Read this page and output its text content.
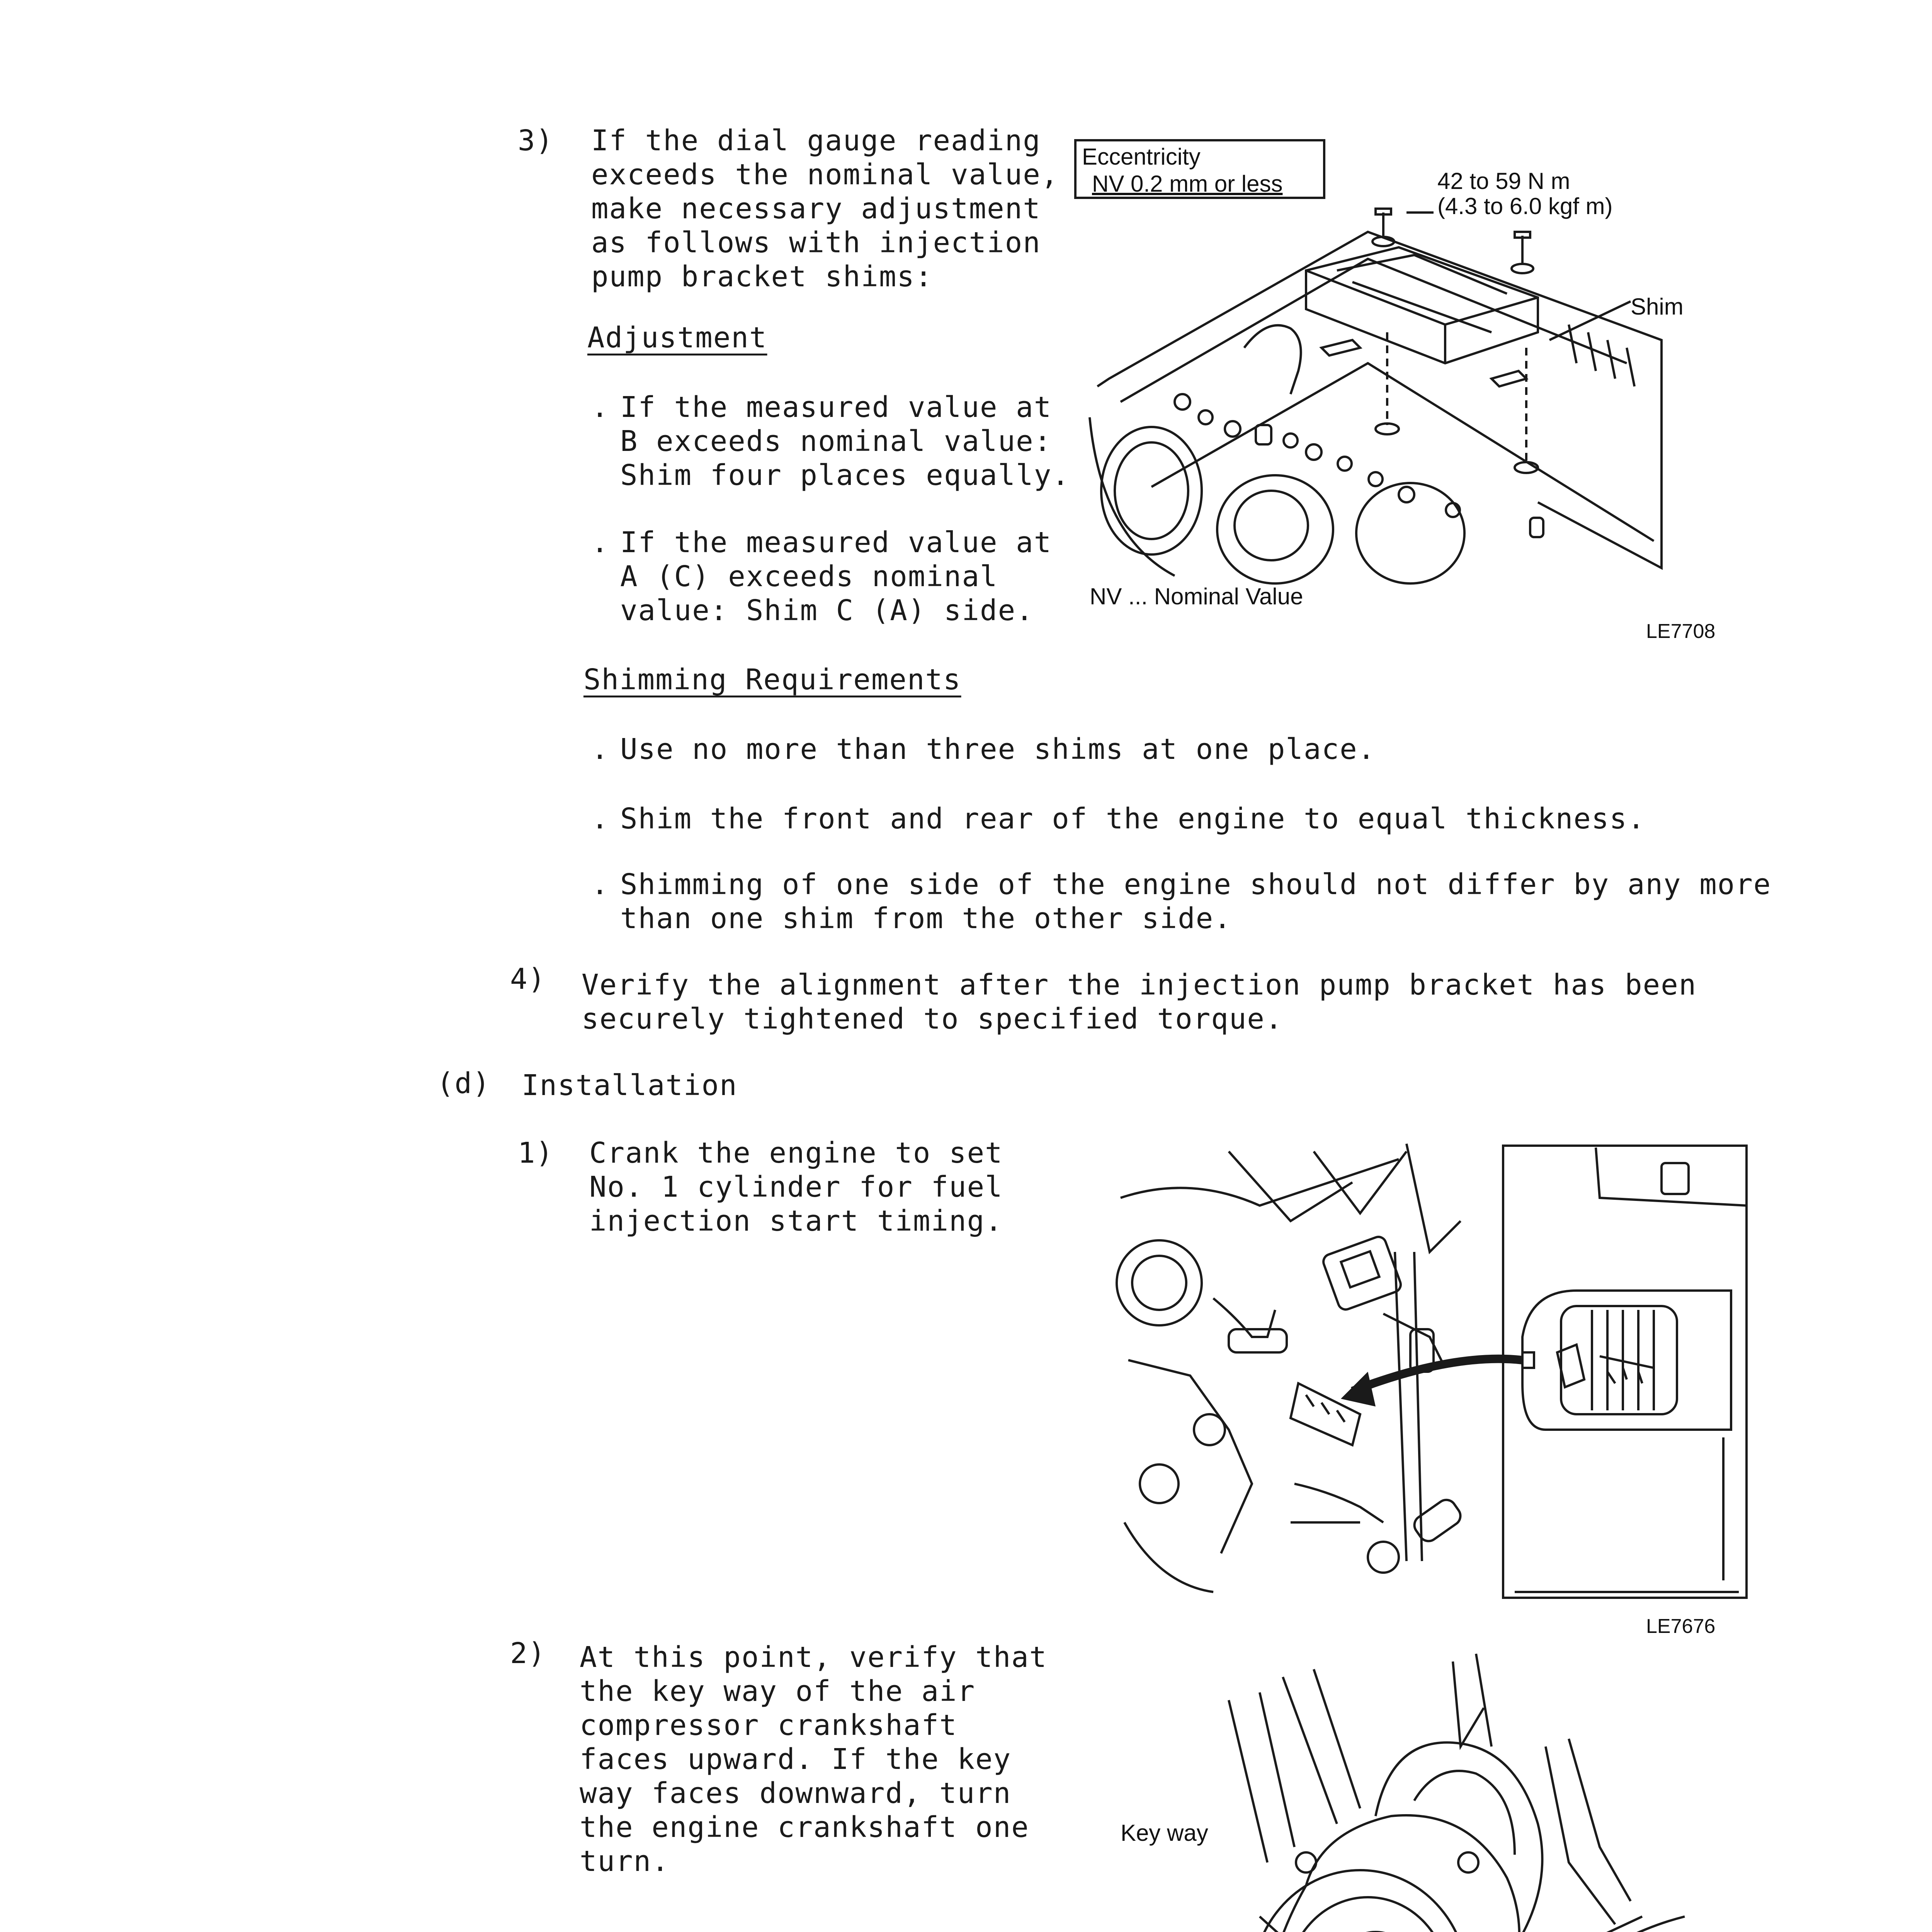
3) If the dial gauge reading
exceeds the nominal value,
make necessary adjustment
as follows with injection
pump bracket shims:
Adjustment
. If the measured value at
B exceeds nominal value:
Shim four places equally.
. If the measured value at
A (C) exceeds nominal
value: Shim C (A) side.
Eccentricity
NV 0.2 mm or less	42 to 59 N m
(4.3 to 6.0 kgf m)
Shim
NV ... Nominal Value
LE7708
Shimming Requirements
. Use no more than three shims at one place.
. Shim the front and rear of the engine to equal thickness.
. Shimming of one side of the engine should not differ by any more
than one shim from the other side.
4) Verify the alignment after the injection pump bracket has been
securely tightened to specified torque.
(d) Installation
1) Crank the engine to set
No. 1 cylinder for fuel
injection start timing.
LE7676
2) At this point, verify that
the key way of the air
compressor crankshaft
faces upward. If the key
way faces downward, turn
the engine crankshaft one
turn.
Key way
